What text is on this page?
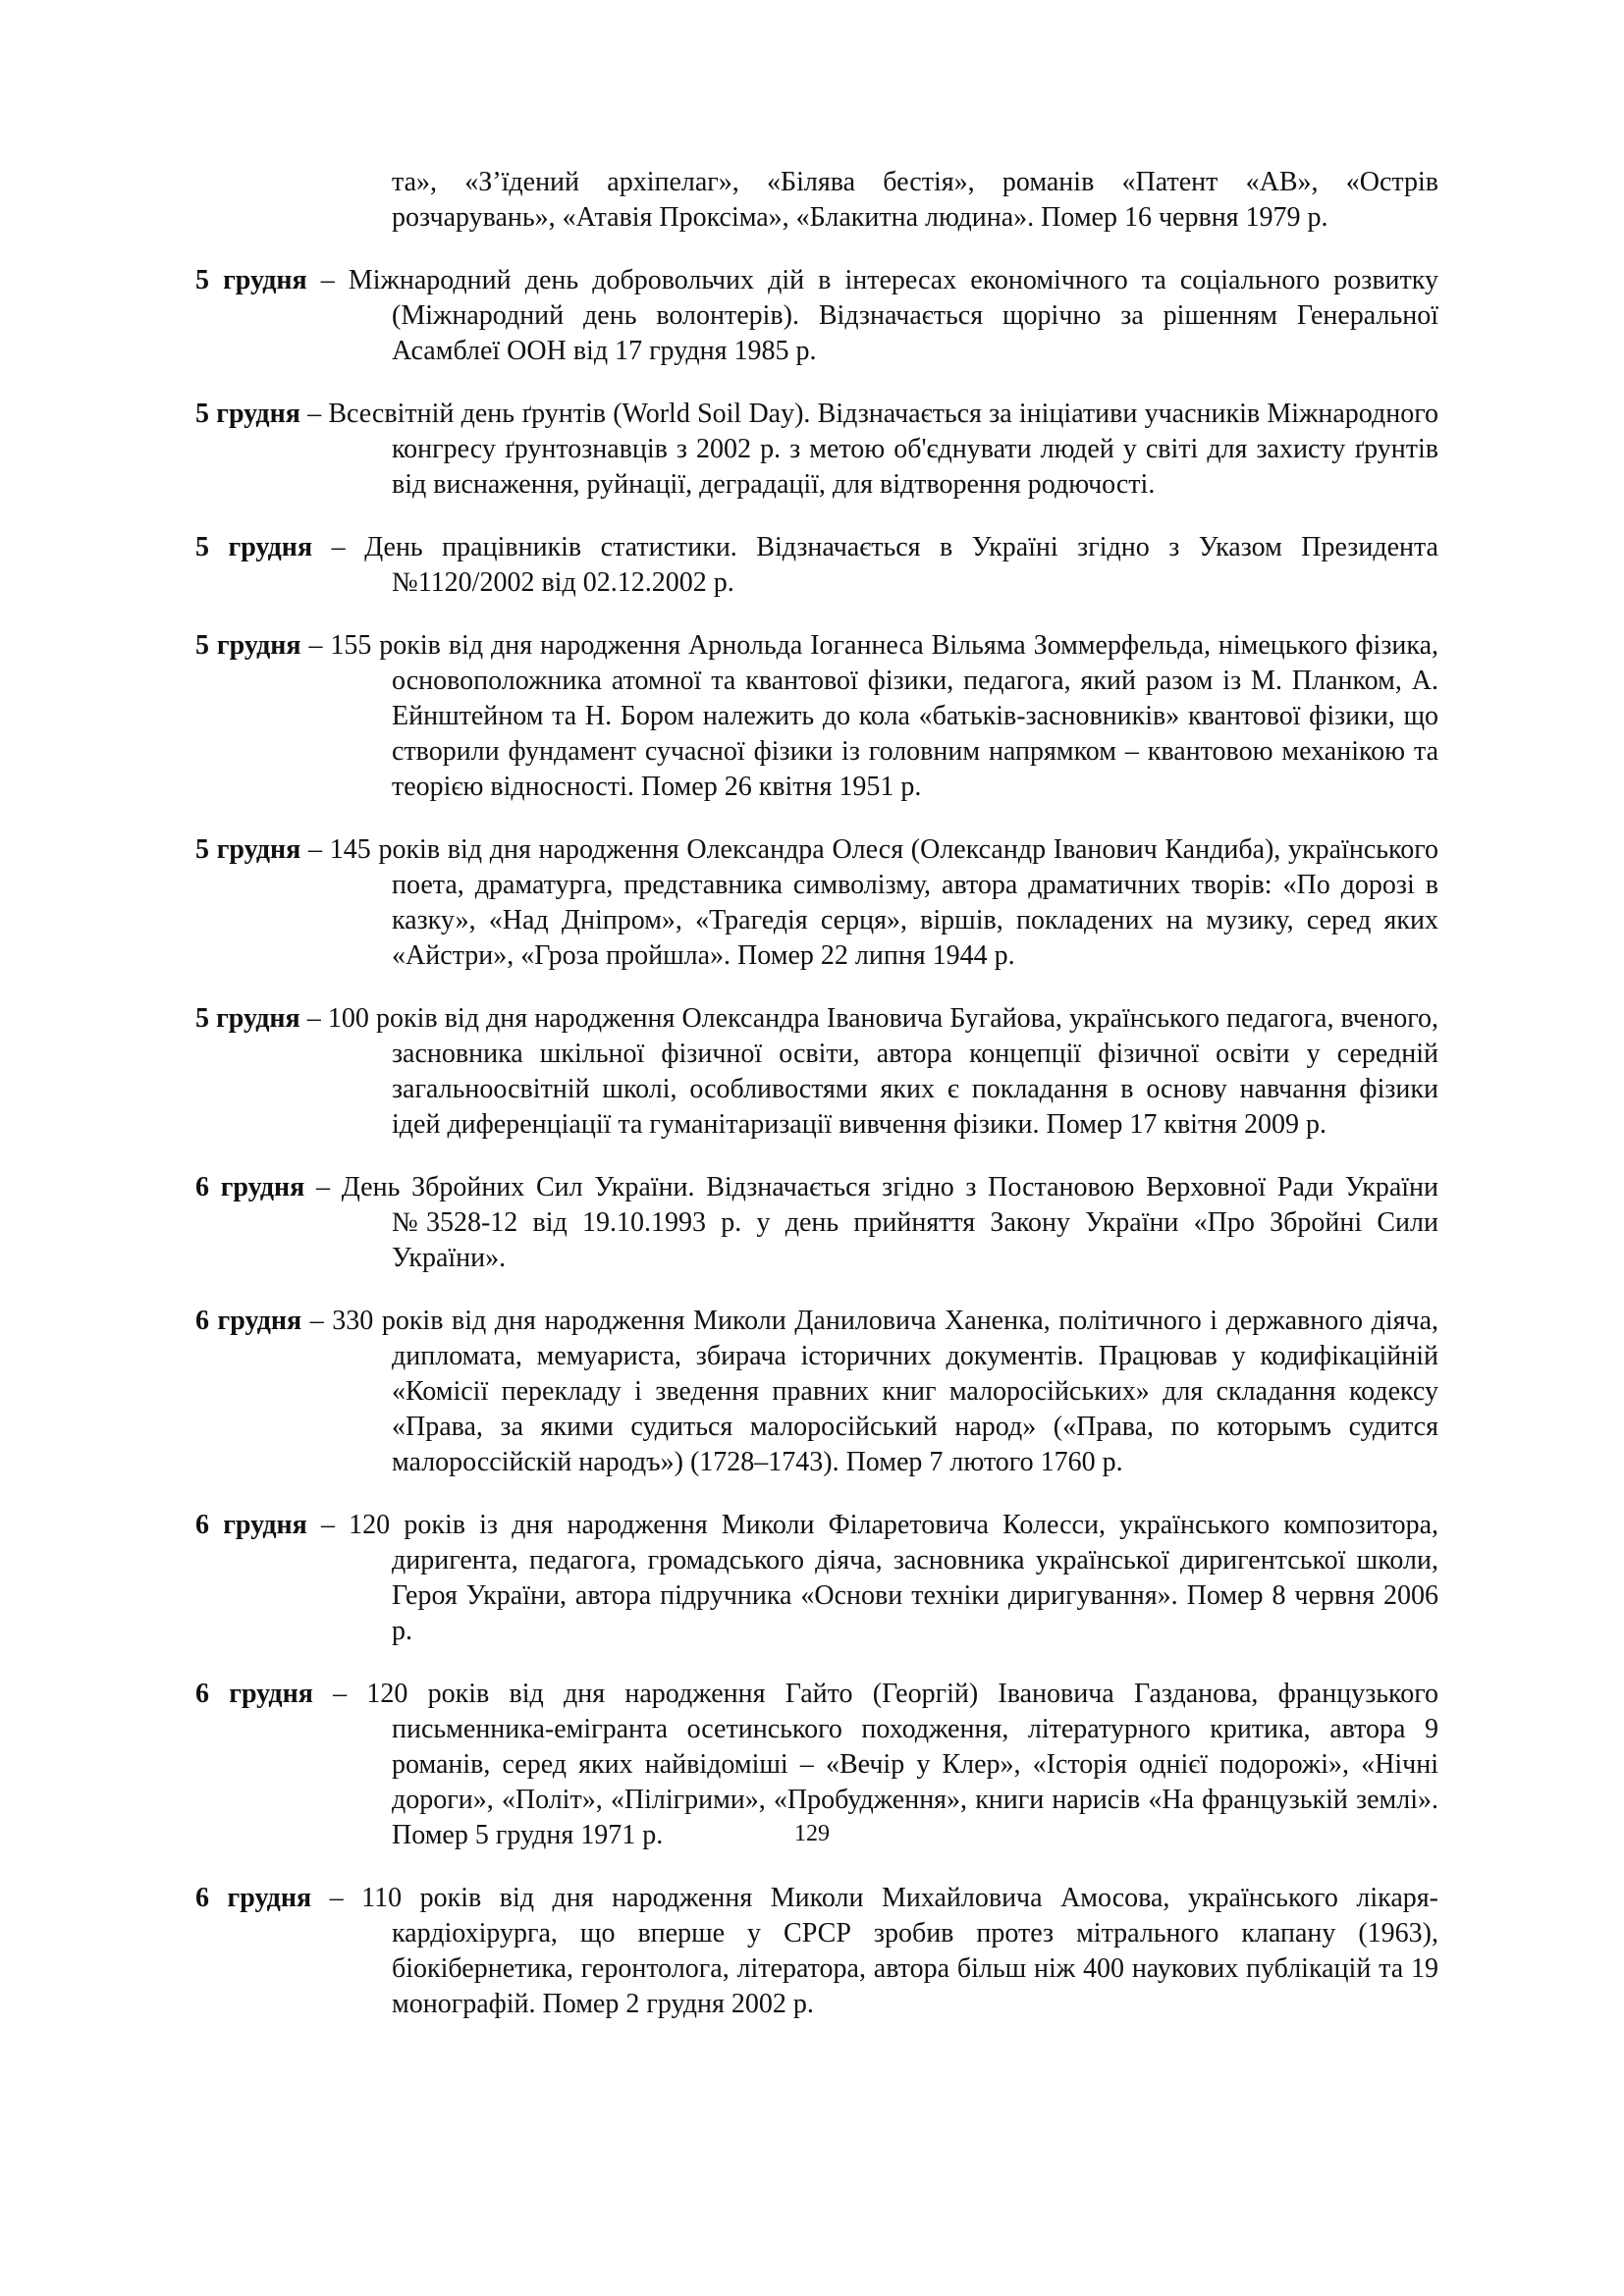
та», «З’їдений архіпелаг», «Білява бестія», романів «Патент «АВ», «Острів розчарувань», «Атавія Проксіма», «Блакитна людина». Помер 16 червня 1979 р.

5 грудня – Міжнародний день добровольчих дій в інтересах економічного та соціального розвитку (Міжнародний день волонтерів). Відзначається щорічно за рішенням Генеральної Асамблеї ООН від 17 грудня 1985 р.

5 грудня – Всесвітній день ґрунтів (World Soil Day). Відзначається за ініціативи учасників Міжнародного конгресу ґрунтознавців з 2002 р. з метою об'єднувати людей у світі для захисту ґрунтів від виснаження, руйнації, деградації, для відтворення родючості.

5 грудня – День працівників статистики. Відзначається в Україні згідно з Указом Президента №1120/2002 від 02.12.2002 р.

5 грудня – 155 років від дня народження Арнольда Іоганнеса Вільяма Зоммерфельда, німецького фізика, основоположника атомної та квантової фізики, педагога, який разом із М. Планком, А. Ейнштейном та Н. Бором належить до кола «батьків-засновників» квантової фізики, що створили фундамент сучасної фізики із головним напрямком – квантовою механікою та теорією відносності. Помер 26 квітня 1951 р.

5 грудня – 145 років від дня народження Олександра Олеся (Олександр Іванович Кандиба), українського поета, драматурга, представника символізму, автора драматичних творів: «По дорозі в казку», «Над Дніпром», «Трагедія серця», віршів, покладених на музику, серед яких «Айстри», «Гроза пройшла». Помер 22 липня 1944 р.

5 грудня – 100 років від дня народження Олександра Івановича Бугайова, українського педагога, вченого, засновника шкільної фізичної освіти, автора концепції фізичної освіти у середній загальноосвітній школі, особливостями яких є покладання в основу навчання фізики ідей диференціації та гуманітаризації вивчення фізики. Помер 17 квітня 2009 р.

6 грудня – День Збройних Сил України. Відзначається згідно з Постановою Верховної Ради України №3528-12 від 19.10.1993 р. у день прийняття Закону України «Про Збройні Сили України».

6 грудня – 330 років від дня народження Миколи Даниловича Ханенка, політичного і державного діяча, дипломата, мемуариста, збирача історичних документів. Працював у кодифікаційній «Комісії перекладу і зведення правних книг малоросійських» для складання кодексу «Права, за якими судиться малоросійський народ» («Права, по которымъ судится малороссійскій народъ») (1728–1743). Помер 7 лютого 1760 р.

6 грудня – 120 років із дня народження Миколи Філаретовича Колесси, українського композитора, диригента, педагога, громадського діяча, засновника української диригентської школи, Героя України, автора підручника «Основи техніки диригування». Помер 8 червня 2006 р.

6 грудня – 120 років від дня народження Гайто (Георгій) Івановича Газданова, французького письменника-емігранта осетинського походження, літературного критика, автора 9 романів, серед яких найвідоміші – «Вечір у Клер», «Історія однієї подорожі», «Нічні дороги», «Політ», «Пілігрими», «Пробудження», книги нарисів «На французькій землі». Помер 5 грудня 1971 р.

6 грудня – 110 років від дня народження Миколи Михайловича Амосова, українського лікаря-кардіохірурга, що вперше у СРСР зробив протез мітрального клапану (1963), біокібернетика, геронтолога, літератора, автора більш ніж 400 наукових публікацій та 19 монографій. Помер 2 грудня 2002 р.

129
